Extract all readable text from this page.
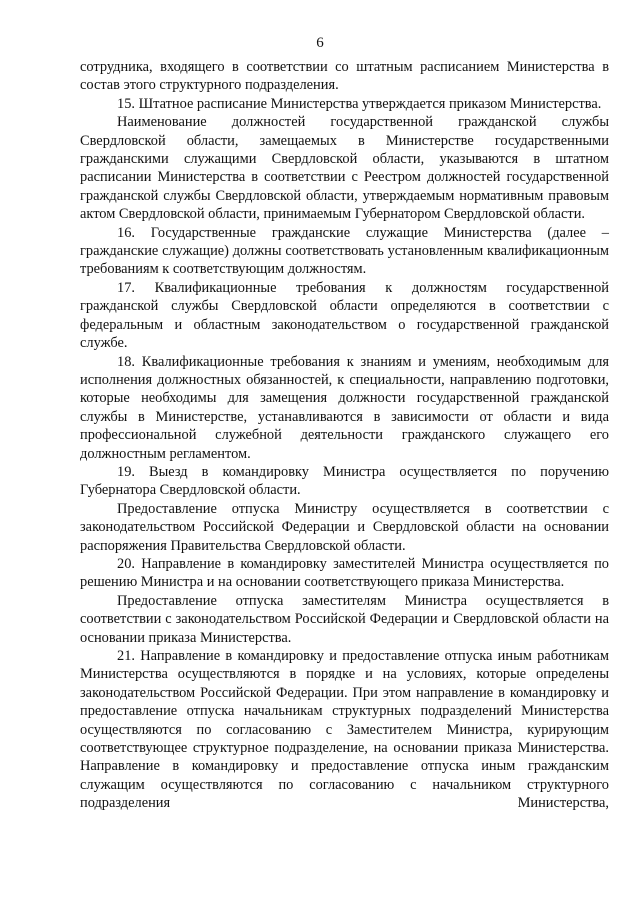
6

сотрудника, входящего в соответствии со штатным расписанием Министерства в состав этого структурного подразделения.

15. Штатное расписание Министерства утверждается приказом Министерства.

Наименование должностей государственной гражданской службы Свердловской области, замещаемых в Министерстве государственными гражданскими служащими Свердловской области, указываются в штатном расписании Министерства в соответствии с Реестром должностей государственной гражданской службы Свердловской области, утверждаемым нормативным правовым актом Свердловской области, принимаемым Губернатором Свердловской области.

16. Государственные гражданские служащие Министерства (далее – гражданские служащие) должны соответствовать установленным квалификационным требованиям к соответствующим должностям.

17. Квалификационные требования к должностям государственной гражданской службы Свердловской области определяются в соответствии с федеральным и областным законодательством о государственной гражданской службе.

18. Квалификационные требования к знаниям и умениям, необходимым для исполнения должностных обязанностей, к специальности, направлению подготовки, которые необходимы для замещения должности государственной гражданской службы в Министерстве, устанавливаются в зависимости от области и вида профессиональной служебной деятельности гражданского служащего его должностным регламентом.

19. Выезд в командировку Министра осуществляется по поручению Губернатора Свердловской области.

Предоставление отпуска Министру осуществляется в соответствии с законодательством Российской Федерации и Свердловской области на основании распоряжения Правительства Свердловской области.

20. Направление в командировку заместителей Министра осуществляется по решению Министра и на основании соответствующего приказа Министерства.

Предоставление отпуска заместителям Министра осуществляется в соответствии с законодательством Российской Федерации и Свердловской области на основании приказа Министерства.

21. Направление в командировку и предоставление отпуска иным работникам Министерства осуществляются в порядке и на условиях, которые определены законодательством Российской Федерации. При этом направление в командировку и предоставление отпуска начальникам структурных подразделений Министерства осуществляются по согласованию с Заместителем Министра, курирующим соответствующее структурное подразделение, на основании приказа Министерства. Направление в командировку и предоставление отпуска иным гражданским служащим осуществляются по согласованию с начальником структурного подразделения Министерства,
